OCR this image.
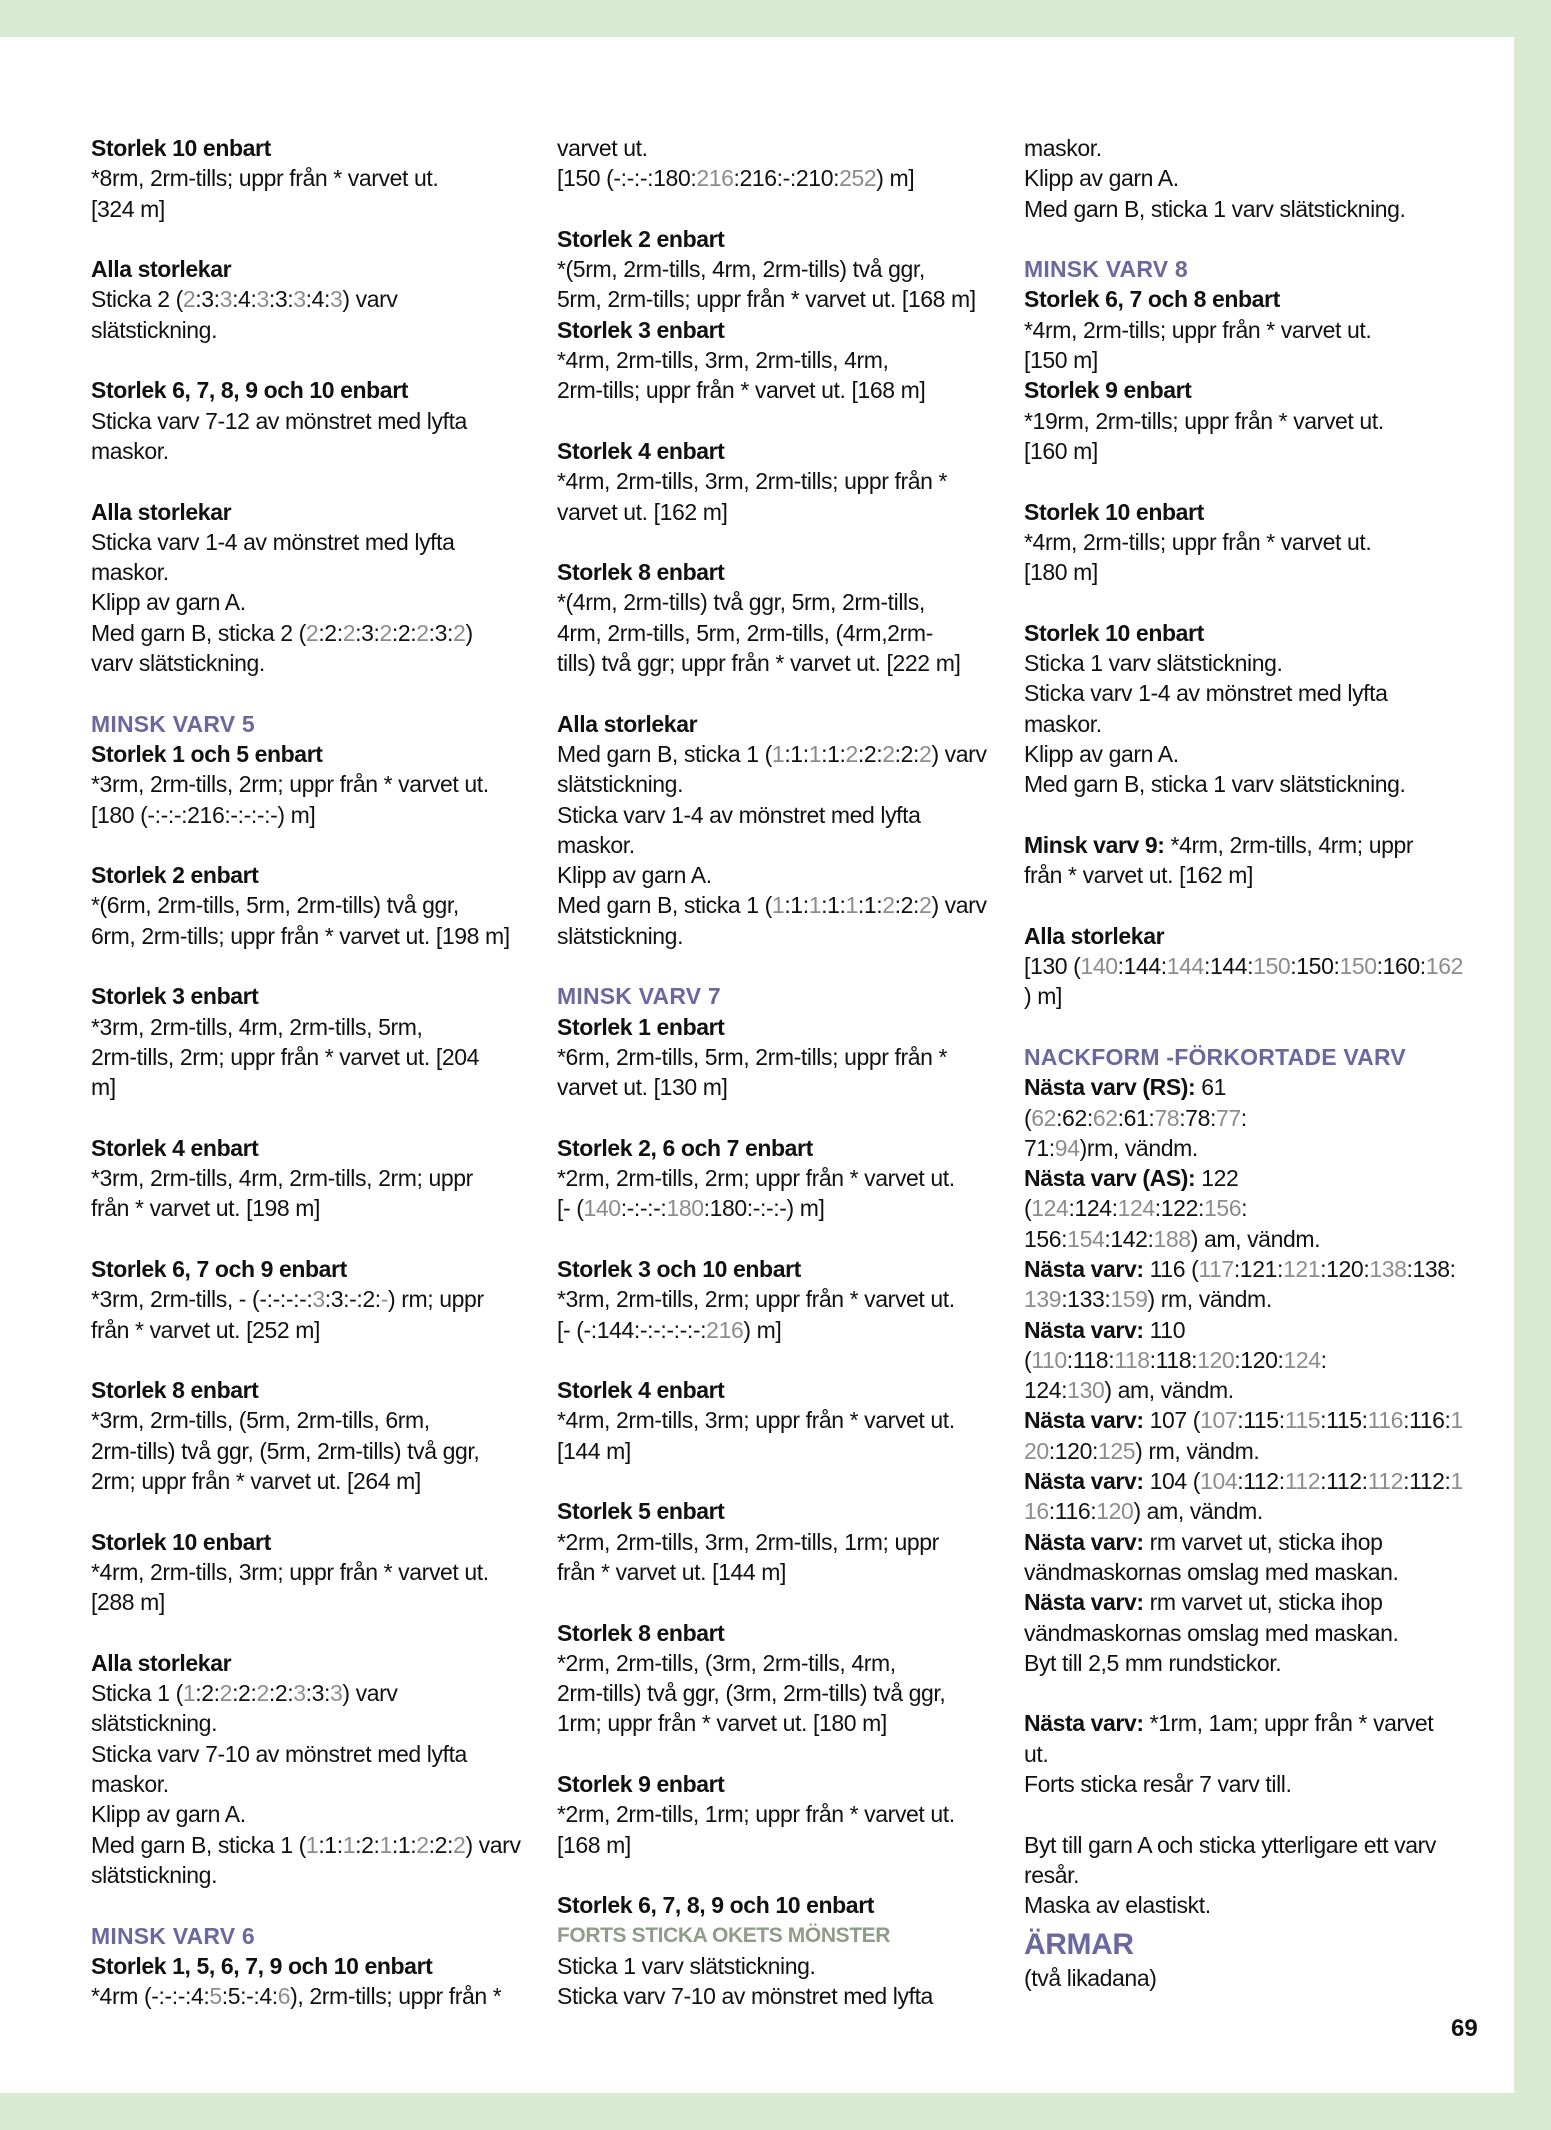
Storlek 10 enbart
*8rm, 2rm-tills; uppr från * varvet ut.
[324 m]
Alla storlekar
Sticka 2 (2:3:3:4:3:3:3:4:3) varv
slätstickning.
Storlek 6, 7, 8, 9 och 10 enbart
Sticka varv 7-12 av mönstret med lyfta
maskor.
Alla storlekar
Sticka varv 1-4 av mönstret med lyfta
maskor.
Klipp av garn A.
Med garn B, sticka 2 (2:2:2:3:2:2:2:3:2)
varv slätstickning.
MINSK VARV 5
Storlek 1 och 5 enbart
*3rm, 2rm-tills, 2rm; uppr från * varvet ut.
[180 (-:-:-:216:-:-:-:-) m]
Storlek 2 enbart
*(6rm, 2rm-tills, 5rm, 2rm-tills) två ggr,
6rm, 2rm-tills; uppr från * varvet ut. [198 m]
Storlek 3 enbart
*3rm, 2rm-tills, 4rm, 2rm-tills, 5rm,
2rm-tills, 2rm; uppr från * varvet ut. [204
m]
Storlek 4 enbart
*3rm, 2rm-tills, 4rm, 2rm-tills, 2rm; uppr
från * varvet ut. [198 m]
Storlek 6, 7 och 9 enbart
*3rm, 2rm-tills, - (-:-:-:-:3:3:-:2:-) rm; uppr
från * varvet ut. [252 m]
Storlek 8 enbart
*3rm, 2rm-tills, (5rm, 2rm-tills, 6rm,
2rm-tills) två ggr, (5rm, 2rm-tills) två ggr,
2rm; uppr från * varvet ut. [264 m]
Storlek 10 enbart
*4rm, 2rm-tills, 3rm; uppr från * varvet ut.
[288 m]
Alla storlekar
Sticka 1 (1:2:2:2:2:2:3:3:3) varv
slätstickning.
Sticka varv 7-10 av mönstret med lyfta
maskor.
Klipp av garn A.
Med garn B, sticka 1 (1:1:1:2:1:1:2:2:2) varv
slätstickning.
MINSK VARV 6
Storlek 1, 5, 6, 7, 9 och 10 enbart
*4rm (-:-:-:4:5:5:-:4:6), 2rm-tills; uppr från *
varvet ut.
[150 (-:-:-:180:216:216:-:210:252) m]
Storlek 2 enbart
*(5rm, 2rm-tills, 4rm, 2rm-tills) två ggr,
5rm, 2rm-tills; uppr från * varvet ut. [168 m]
Storlek 3 enbart
*4rm, 2rm-tills, 3rm, 2rm-tills, 4rm,
2rm-tills; uppr från * varvet ut. [168 m]
Storlek 4 enbart
*4rm, 2rm-tills, 3rm, 2rm-tills; uppr från *
varvet ut. [162 m]
Storlek 8 enbart
*(4rm, 2rm-tills) två ggr, 5rm, 2rm-tills,
4rm, 2rm-tills, 5rm, 2rm-tills, (4rm,2rm-
tills) två ggr; uppr från * varvet ut. [222 m]
Alla storlekar
Med garn B, sticka 1 (1:1:1:1:2:2:2:2:2) varv
slätstickning.
Sticka varv 1-4 av mönstret med lyfta
maskor.
Klipp av garn A.
Med garn B, sticka 1 (1:1:1:1:1:1:2:2:2) varv
slätstickning.
MINSK VARV 7
Storlek 1 enbart
*6rm, 2rm-tills, 5rm, 2rm-tills; uppr från *
varvet ut. [130 m]
Storlek 2, 6 och 7 enbart
*2rm, 2rm-tills, 2rm; uppr från * varvet ut.
[- (140:-:-:-:180:180:-:-:-) m]
Storlek 3 och 10 enbart
*3rm, 2rm-tills, 2rm; uppr från * varvet ut.
[- (-:144:-:-:-:-:-:216) m]
Storlek 4 enbart
*4rm, 2rm-tills, 3rm; uppr från * varvet ut.
[144 m]
Storlek 5 enbart
*2rm, 2rm-tills, 3rm, 2rm-tills, 1rm; uppr
från * varvet ut. [144 m]
Storlek 8 enbart
*2rm, 2rm-tills, (3rm, 2rm-tills, 4rm,
2rm-tills) två ggr, (3rm, 2rm-tills) två ggr,
1rm; uppr från * varvet ut. [180 m]
Storlek 9 enbart
*2rm, 2rm-tills, 1rm; uppr från * varvet ut.
[168 m]
Storlek 6, 7, 8, 9 och 10 enbart
FORTS STICKA OKETS MÖNSTER
Sticka 1 varv slätstickning.
Sticka varv 7-10 av mönstret med lyfta
maskor.
Klipp av garn A.
Med garn B, sticka 1 varv slätstickning.
MINSK VARV 8
Storlek 6, 7 och 8 enbart
*4rm, 2rm-tills; uppr från * varvet ut.
[150 m]
Storlek 9 enbart
*19rm, 2rm-tills; uppr från * varvet ut.
[160 m]
Storlek 10 enbart
*4rm, 2rm-tills; uppr från * varvet ut.
[180 m]
Storlek 10 enbart
Sticka 1 varv slätstickning.
Sticka varv 1-4 av mönstret med lyfta
maskor.
Klipp av garn A.
Med garn B, sticka 1 varv slätstickning.
Minsk varv 9: *4rm, 2rm-tills, 4rm; uppr
från * varvet ut. [162 m]
Alla storlekar
[130 (140:144:144:144:150:150:150:160:162
) m]
NACKFORM -FÖRKORTADE VARV
Nästa varv (RS): 61
(62:62:62:61:78:78:77:
71:94)rm, vändm.
Nästa varv (AS): 122
(124:124:124:122:156:
156:154:142:188) am, vändm.
Nästa varv: 116 (117:121:121:120:138:138:
139:133:159) rm, vändm.
Nästa varv: 110
(110:118:118:118:120:120:124:
124:130) am, vändm.
Nästa varv: 107 (107:115:115:115:116:116:1
20:120:125) rm, vändm.
Nästa varv: 104 (104:112:112:112:112:112:1
16:116:120) am, vändm.
Nästa varv: rm varvet ut, sticka ihop
vändmaskornas omslag med maskan.
Nästa varv: rm varvet ut, sticka ihop
vändmaskornas omslag med maskan.
Byt till 2,5 mm rundstickor.
Nästa varv: *1rm, 1am; uppr från * varvet
ut.
Forts sticka resår 7 varv till.
Byt till garn A och sticka ytterligare ett varv
resår.
Maska av elastiskt.
ÄRMAR
(två likadana)
69
